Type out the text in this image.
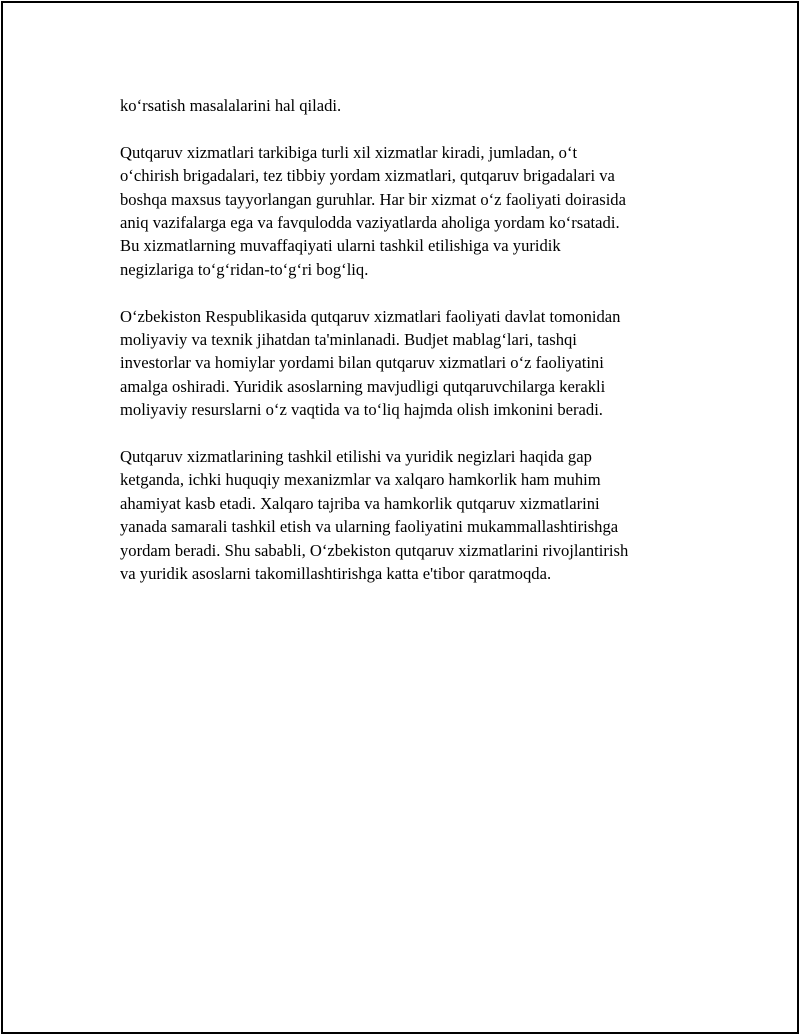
ko‘rsatish masalalarini hal qiladi.

Qutqaruv xizmatlari tarkibiga turli xil xizmatlar kiradi, jumladan, o‘t
o‘chirish brigadalari, tez tibbiy yordam xizmatlari, qutqaruv brigadalari va
boshqa maxsus tayyorlangan guruhlar. Har bir xizmat o‘z faoliyati doirasida
aniq vazifalarga ega va favqulodda vaziyatlarda aholiga yordam ko‘rsatadi.
Bu xizmatlarning muvaffaqiyati ularni tashkil etilishiga va yuridik
negizlariga to‘g‘ridan-to‘g‘ri bog‘liq.

O‘zbekiston Respublikasida qutqaruv xizmatlari faoliyati davlat tomonidan
moliyaviy va texnik jihatdan ta'minlanadi. Budjet mablag‘lari, tashqi
investorlar va homiylar yordami bilan qutqaruv xizmatlari o‘z faoliyatini
amalga oshiradi. Yuridik asoslarning mavjudligi qutqaruvchilarga kerakli
moliyaviy resurslarni o‘z vaqtida va to‘liq hajmda olish imkonini beradi.

Qutqaruv xizmatlarining tashkil etilishi va yuridik negizlari haqida gap
ketganda, ichki huquqiy mexanizmlar va xalqaro hamkorlik ham muhim
ahamiyat kasb etadi. Xalqaro tajriba va hamkorlik qutqaruv xizmatlarini
yanada samarali tashkil etish va ularning faoliyatini mukammallashtirishga
yordam beradi. Shu sababli, O‘zbekiston qutqaruv xizmatlarini rivojlantirish
va yuridik asoslarni takomillashtirishga katta e'tibor qaratmoqda.
